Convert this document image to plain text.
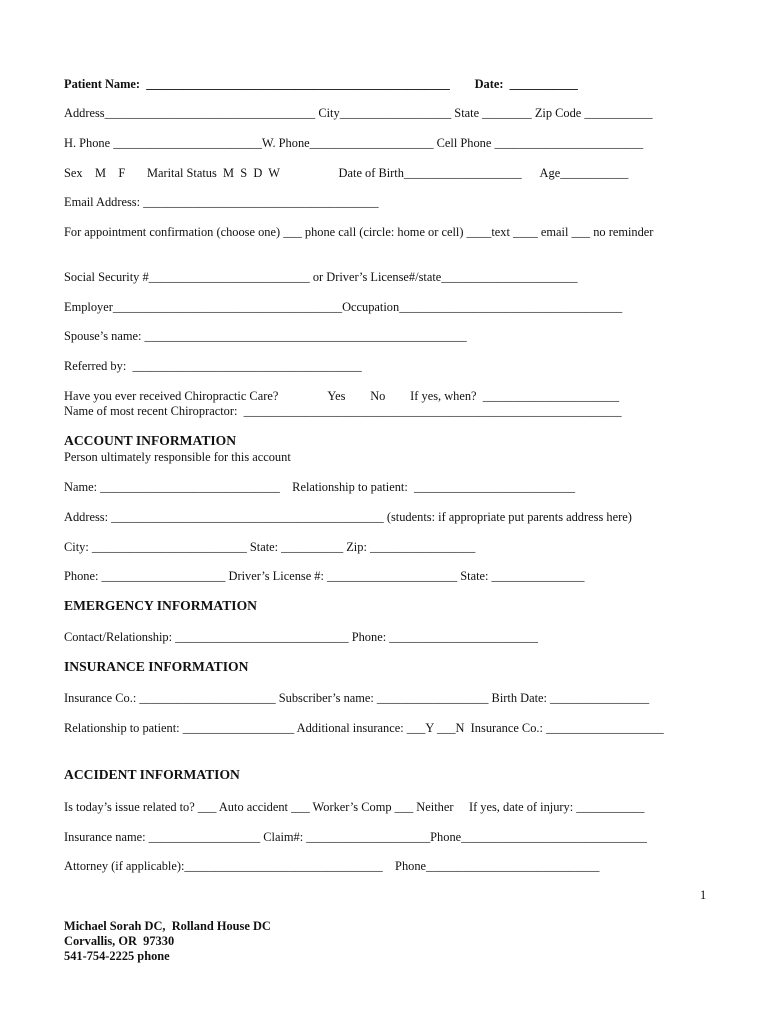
Patient Name:  _________________________________________________        Date:  ___________
Address__________________________________ City__________________ State ________ Zip Code ___________
H. Phone ________________________W. Phone____________________ Cell Phone ________________________
Sex    M    F       Marital Status  M  S  D  W                   Date of Birth___________________      Age___________
Email Address: ______________________________________
For appointment confirmation (choose one) ___ phone call (circle: home or cell) ____text ____ email ___ no reminder
Social Security #__________________________ or Driver’s License#/state______________________
Employer_____________________________________Occupation____________________________________
Spouse’s name: ____________________________________________________
Referred by:  _____________________________________
Have you ever received Chiropractic Care?                Yes        No        If yes, when?  ______________________
Name of most recent Chiropractor:  _____________________________________________________________
ACCOUNT INFORMATION
Person ultimately responsible for this account
Name: _____________________________    Relationship to patient:  __________________________
Address: ____________________________________________ (students: if appropriate put parents address here)
City: _________________________ State: __________ Zip: _________________
Phone: ____________________ Driver’s License #: _____________________ State: _______________
EMERGENCY INFORMATION
Contact/Relationship: ____________________________ Phone: ________________________
INSURANCE INFORMATION
Insurance Co.: ______________________ Subscriber’s name: __________________ Birth Date: ________________
Relationship to patient: __________________ Additional insurance: ___Y ___N  Insurance Co.: ___________________
ACCIDENT INFORMATION
Is today’s issue related to? ___ Auto accident ___ Worker’s Comp ___ Neither     If yes, date of injury: ___________
Insurance name: __________________ Claim#: ____________________Phone______________________________
Attorney (if applicable):________________________________    Phone____________________________
1
Michael Sorah DC,  Rolland House DC
Corvallis, OR  97330
541-754-2225 phone
